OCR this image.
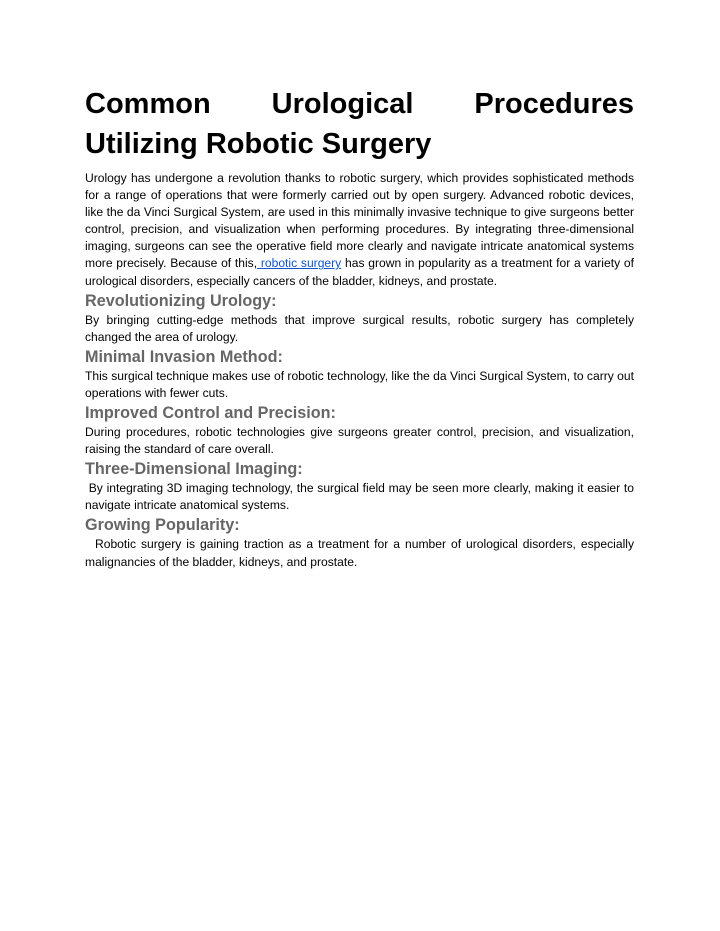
Common Urological Procedures
Utilizing Robotic Surgery

Urology has undergone a revolution thanks to robotic surgery, which provides sophisticated methods for a range of operations that were formerly carried out by open surgery. Advanced robotic devices, like the da Vinci Surgical System, are used in this minimally invasive technique to give surgeons better control, precision, and visualization when performing procedures. By integrating three-dimensional imaging, surgeons can see the operative field more clearly and navigate intricate anatomical systems more precisely. Because of this, robotic surgery has grown in popularity as a treatment for a variety of urological disorders, especially cancers of the bladder, kidneys, and prostate.

Revolutionizing Urology:

By bringing cutting-edge methods that improve surgical results, robotic surgery has completely changed the area of urology.

Minimal Invasion Method:

This surgical technique makes use of robotic technology, like the da Vinci Surgical System, to carry out operations with fewer cuts.

Improved Control and Precision:

During procedures, robotic technologies give surgeons greater control, precision, and visualization, raising the standard of care overall.

Three-Dimensional Imaging:

By integrating 3D imaging technology, the surgical field may be seen more clearly, making it easier to navigate intricate anatomical systems.

Growing Popularity:

Robotic surgery is gaining traction as a treatment for a number of urological disorders, especially malignancies of the bladder, kidneys, and prostate.
